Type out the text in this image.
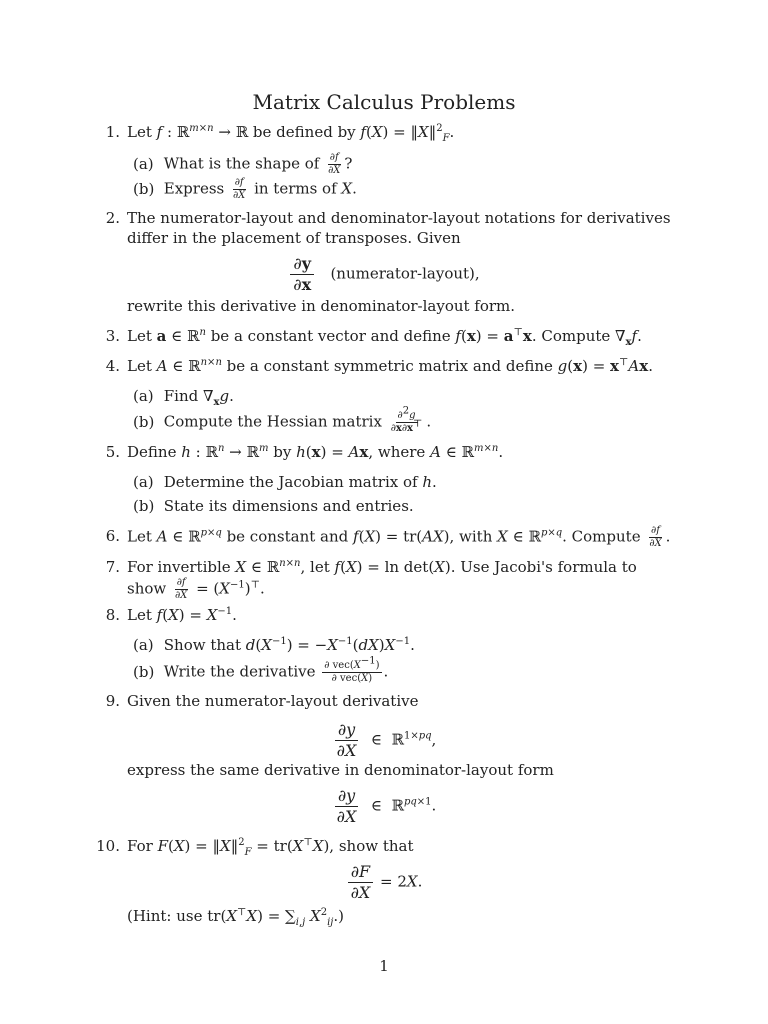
Matrix Calculus Problems
1. Let f : ℝ$^{m\times n}$ → ℝ be defined by f(X) = ‖X‖$^2_F$.
(a) What is the shape of $\frac{\partial f}{\partial X}$ ?
(b) Express $\frac{\partial f}{\partial X}$ in terms of X.
2. The numerator-layout and denominator-layout notations for derivatives differ in the placement of transposes. Given
$\frac{\partial y}{\partial x}$ (numerator-layout),
rewrite this derivative in denominator-layout form.
3. Let a ∈ ℝ$^n$ be a constant vector and define f(x) = a⊤x. Compute $\nabla_xf$.
4. Let A ∈ ℝ$^{n\times n}$ be a constant symmetric matrix and define g(x) = x⊤Ax.
(a) Find $\nabla_xg$.
(b) Compute the Hessian matrix $\frac{\partial^2g}{\partial x\partial x^⊤}$ .
5. Define h : ℝ$^n$ → ℝ$^m$ by h(x) = Ax, where A ∈ ℝ$^{m\times n}$.
(a) Determine the Jacobian matrix of h.
(b) State its dimensions and entries.
6. Let A ∈ ℝ$^{p\times q}$ be constant and f(X) = tr(AX), with X ∈ ℝ$^{p\times q}$. Compute $\frac{\partial f}{\partial X}$ .
7. For invertible X ∈ ℝ$^{n\times n}$, let f(X) = ln det(X). Use Jacobi's formula to show $\frac{\partial f}{\partial X} = (X^{-1})^⊤$.
8. Let $f(X) = X^{-1}$.
(a) Show that $d(X^{-1}) = -X^{-1}(dX)X^{-1}$.
(b) Write the derivative $\frac{\partial vec(X^{-1})}{\text{∂ vec(X)}}$ .
9. Given the numerator-layout derivative
$\frac{\partial y}{\partial X}$ ∈  ℝ$^{1\times pq}$,
express the same derivative in denominator-layout form
$\frac{\partial y}{\partial X}$ ∈  ℝ$^{pq\times 1}$.
10. For F(X) = ‖X‖$^2_F$ = tr(X⊤X), show that
$\frac{\partial F}{\partial X} = 2X$.
(Hint: use $tr(X^⊤X) = \sum_{i,j}$ $X^2_{ij}$.)
1
